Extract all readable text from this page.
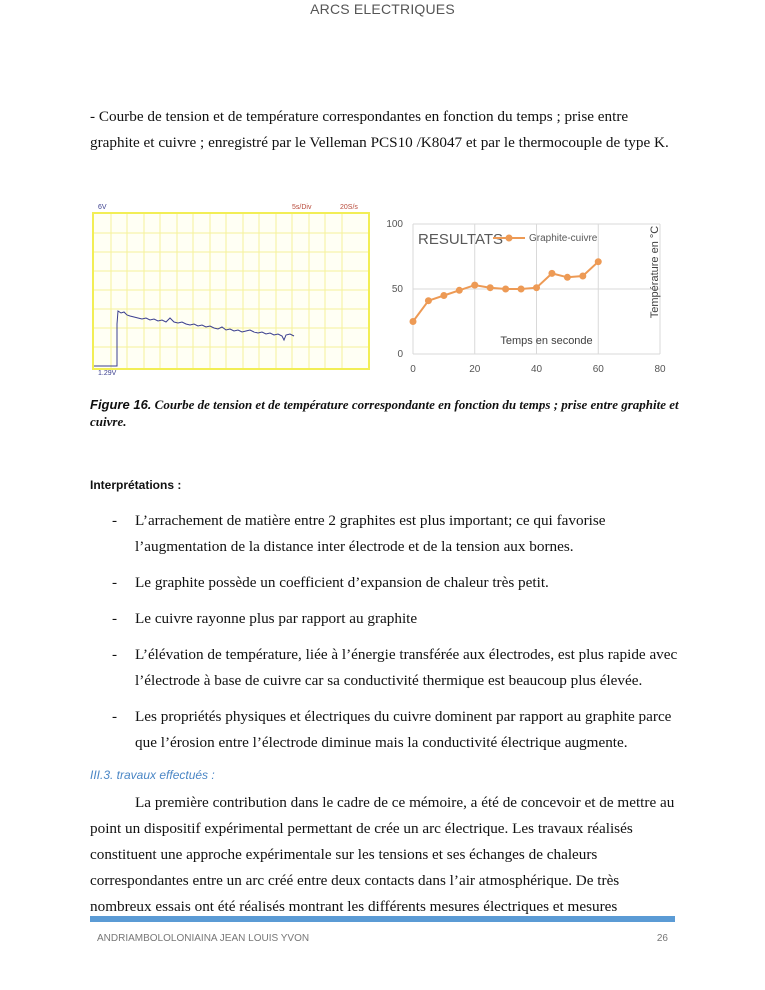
ARCS ELECTRIQUES
- Courbe de tension et de température correspondantes en fonction du temps ; prise entre graphite et cuivre ; enregistré par le Velleman PCS10 /K8047 et par le thermocouple de type K.
6V	5s/Div	20S/s
1.29V	0	20	40	60	80
0
50
100
RESULTATS	Graphite-cuivre
Temps en seconde
Température en °C
Figure 16. Courbe de tension et de température correspondante en fonction du temps ; prise entre graphite et cuivre.
Interprétations :
- L’arrachement de matière entre 2 graphites est plus important; ce qui favorise l’augmentation de la distance inter électrode et de la tension aux bornes.
- Le graphite possède un coefficient d’expansion de chaleur très petit.
- Le cuivre rayonne plus par rapport au graphite
- L’élévation de température, liée à l’énergie transférée aux électrodes, est plus rapide avec l’électrode à base de cuivre car sa conductivité thermique est beaucoup plus élevée.
- Les propriétés physiques et électriques du cuivre dominent par rapport au graphite parce que l’érosion entre l’électrode diminue mais la conductivité électrique augmente.
III.3. travaux effectués :
La première contribution dans le cadre de ce mémoire, a été de concevoir et de mettre au point un dispositif expérimental permettant de crée un arc électrique. Les travaux réalisés constituent une approche expérimentale sur les tensions et ses échanges de chaleurs correspondantes entre un arc créé entre deux contacts dans l’air atmosphérique. De très nombreux essais ont été réalisés montrant les différents mesures électriques et mesures
ANDRIAMBOLOLONIAINA JEAN LOUIS YVON	26
